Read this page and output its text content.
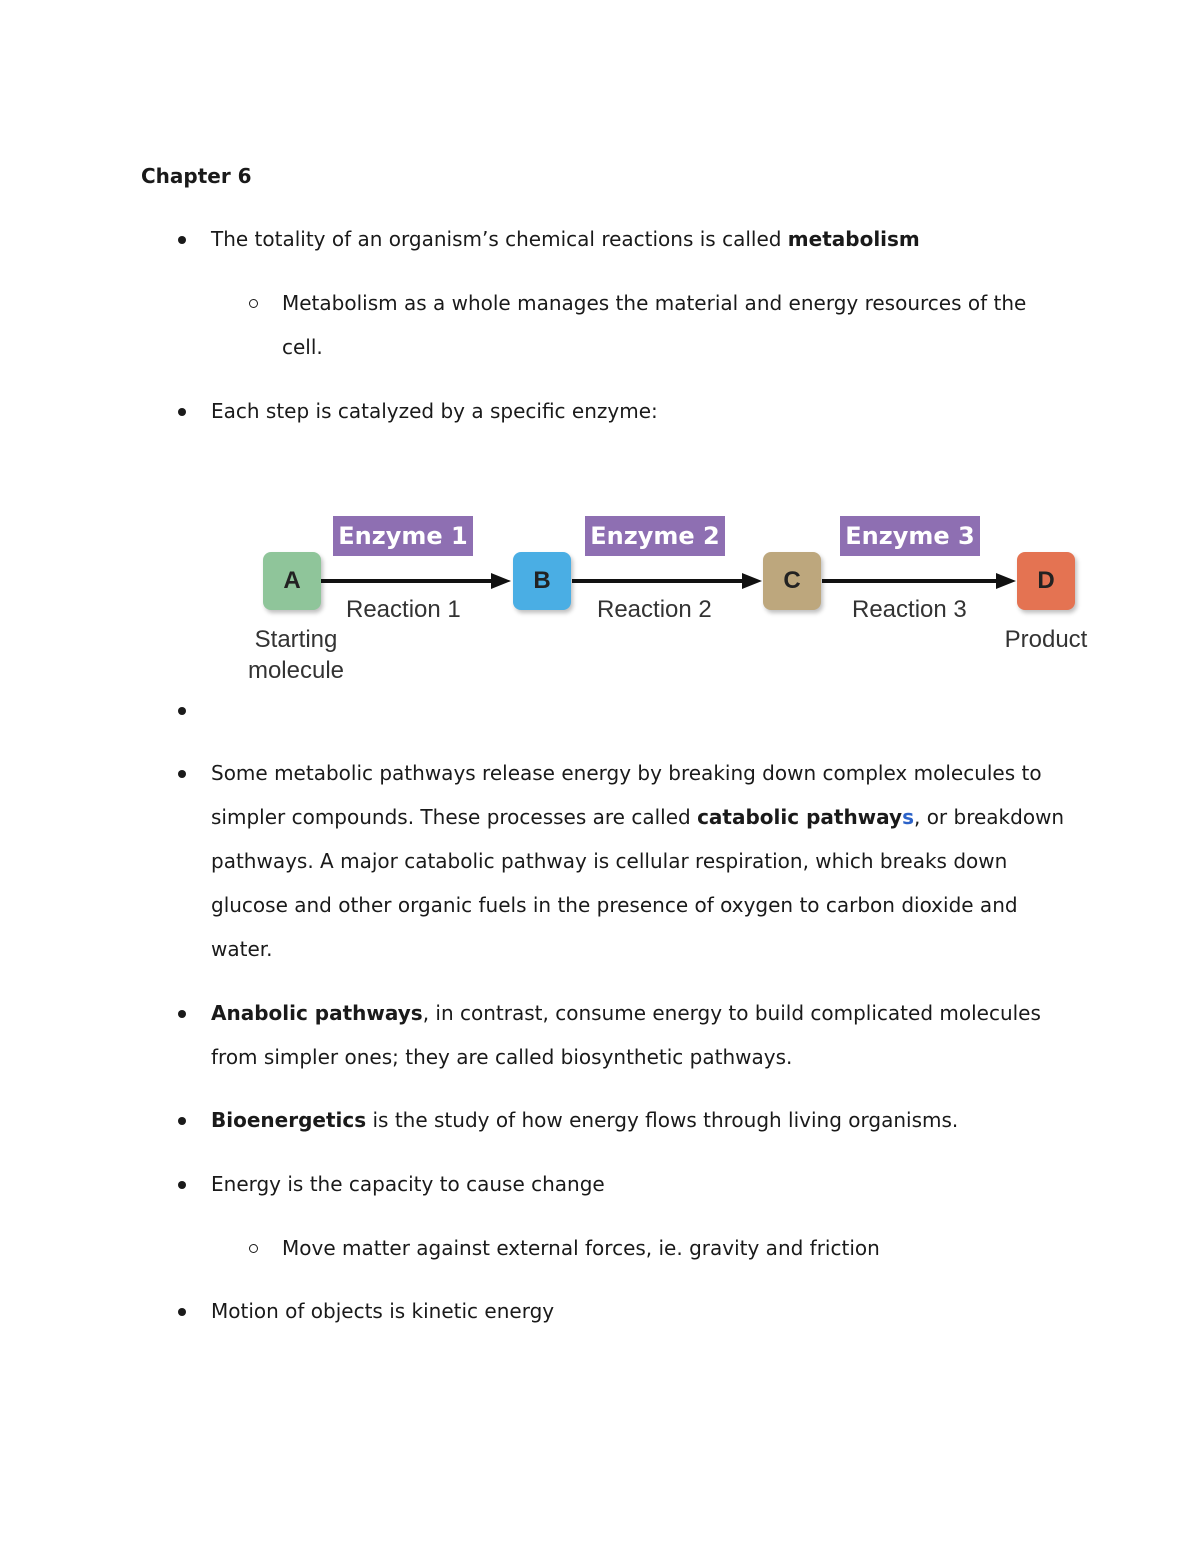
Chapter 6

The totality of an organism’s chemical reactions is called metabolism

Metabolism as a whole manages the material and energy resources of the
cell.

Each step is catalyzed by a specific enzyme:

Enzyme 1	Enzyme 2	Enzyme 3
A	B	C	D
Reaction 1	Reaction 2	Reaction 3
Starting
molecule
Product

Some metabolic pathways release energy by breaking down complex molecules to
simpler compounds. These processes are called catabolic pathways, or breakdown
pathways. A major catabolic pathway is cellular respiration, which breaks down
glucose and other organic fuels in the presence of oxygen to carbon dioxide and
water.

Anabolic pathways, in contrast, consume energy to build complicated molecules
from simpler ones; they are called biosynthetic pathways.

Bioenergetics is the study of how energy flows through living organisms.

Energy is the capacity to cause change

Move matter against external forces, ie. gravity and friction

Motion of objects is kinetic energy
